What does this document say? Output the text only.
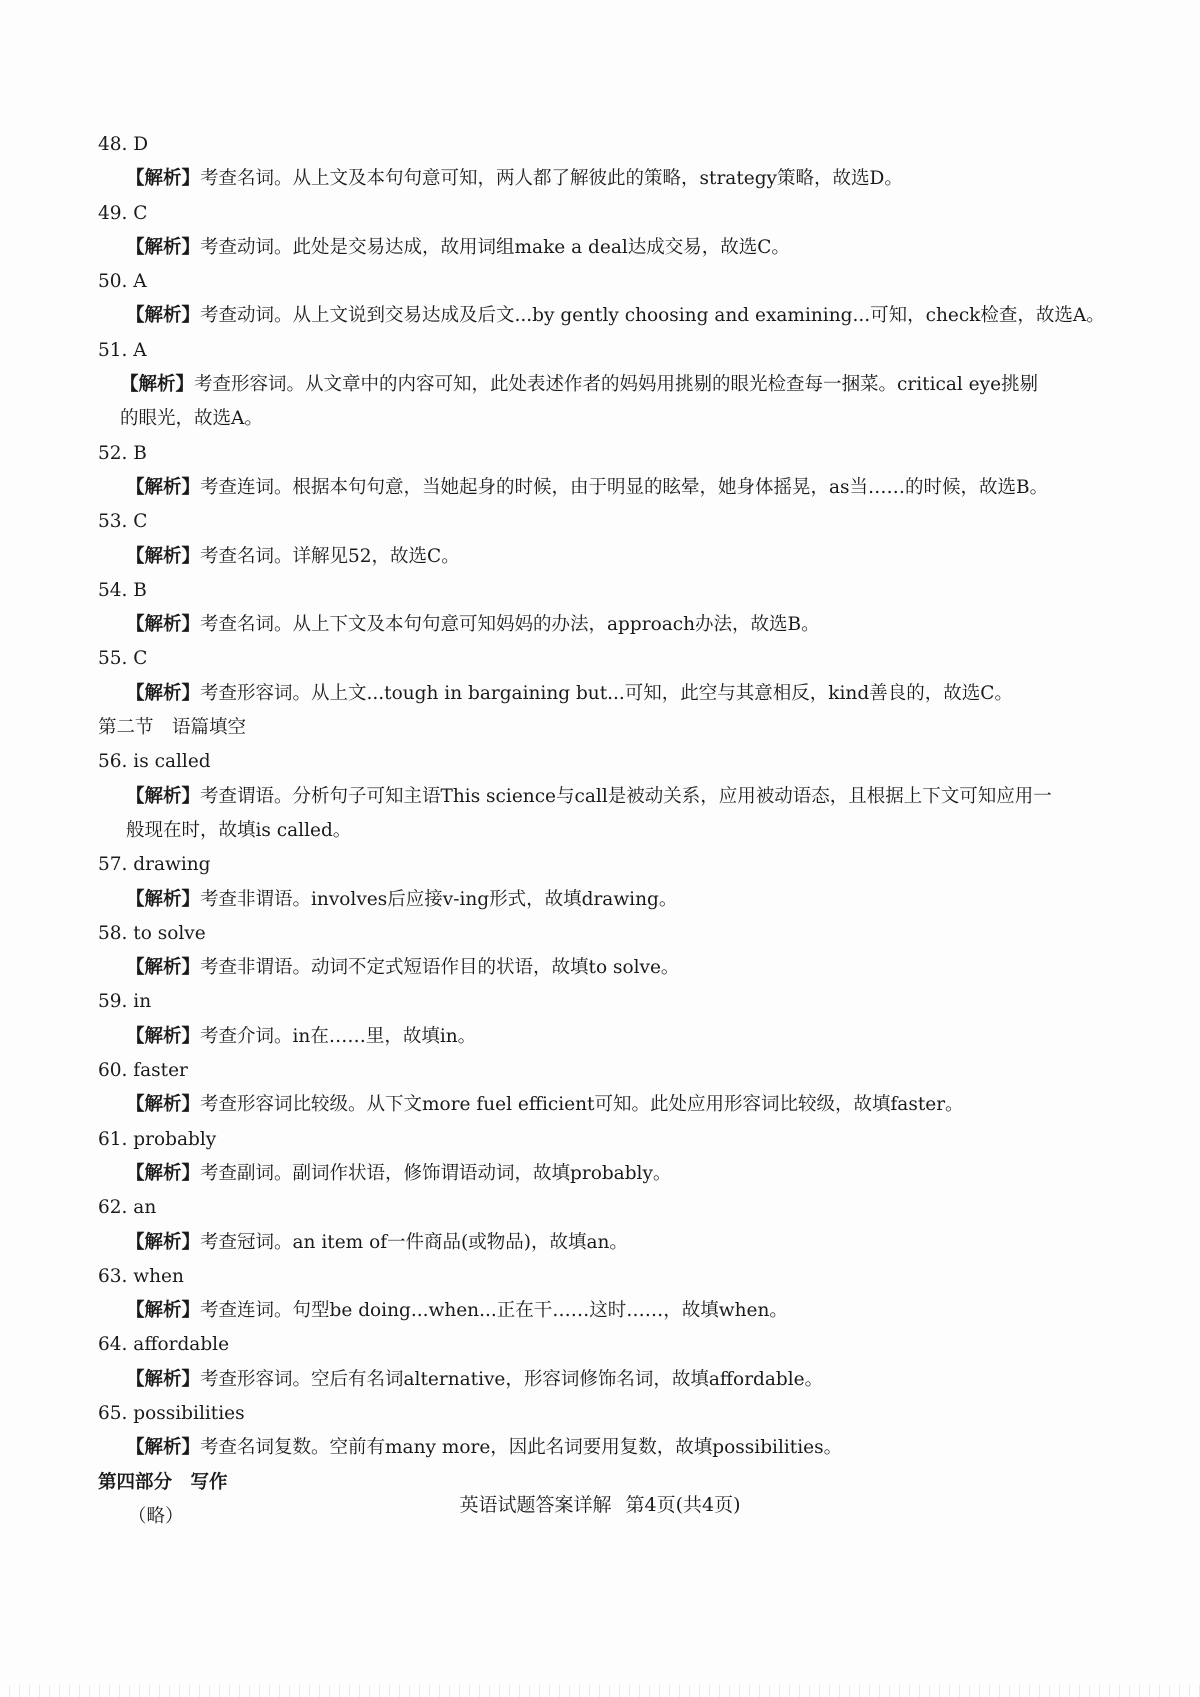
48. D
【解析】考查名词。从上文及本句句意可知，两人都了解彼此的策略，strategy策略，故选D。
49. C
【解析】考查动词。此处是交易达成，故用词组make a deal达成交易，故选C。
50. A
【解析】考查动词。从上文说到交易达成及后文...by gently choosing and examining...可知，check检查，故选A。
51. A
【解析】考查形容词。从文章中的内容可知，此处表述作者的妈妈用挑剔的眼光检查每一捆菜。critical eye挑剔
的眼光，故选A。
52. B
【解析】考查连词。根据本句句意，当她起身的时候，由于明显的眩晕，她身体摇晃，as当……的时候，故选B。
53. C
【解析】考查名词。详解见52，故选C。
54. B
【解析】考查名词。从上下文及本句句意可知妈妈的办法，approach办法，故选B。
55. C
【解析】考查形容词。从上文...tough in bargaining but...可知，此空与其意相反，kind善良的，故选C。
第二节　语篇填空
56. is called
【解析】考查谓语。分析句子可知主语This science与call是被动关系，应用被动语态，且根据上下文可知应用一
般现在时，故填is called。
57. drawing
【解析】考查非谓语。involves后应接v-ing形式，故填drawing。
58. to solve
【解析】考查非谓语。动词不定式短语作目的状语，故填to solve。
59. in
【解析】考查介词。in在……里，故填in。
60. faster
【解析】考查形容词比较级。从下文more fuel efficient可知。此处应用形容词比较级，故填faster。
61. probably
【解析】考查副词。副词作状语，修饰谓语动词，故填probably。
62. an
【解析】考查冠词。an item of一件商品(或物品)，故填an。
63. when
【解析】考查连词。句型be doing...when...正在干……这时……，故填when。
64. affordable
【解析】考查形容词。空后有名词alternative，形容词修饰名词，故填affordable。
65. possibilities
【解析】考查名词复数。空前有many more，因此名词要用复数，故填possibilities。
第四部分　写作
（略）
英语试题答案详解 第4页(共4页)
